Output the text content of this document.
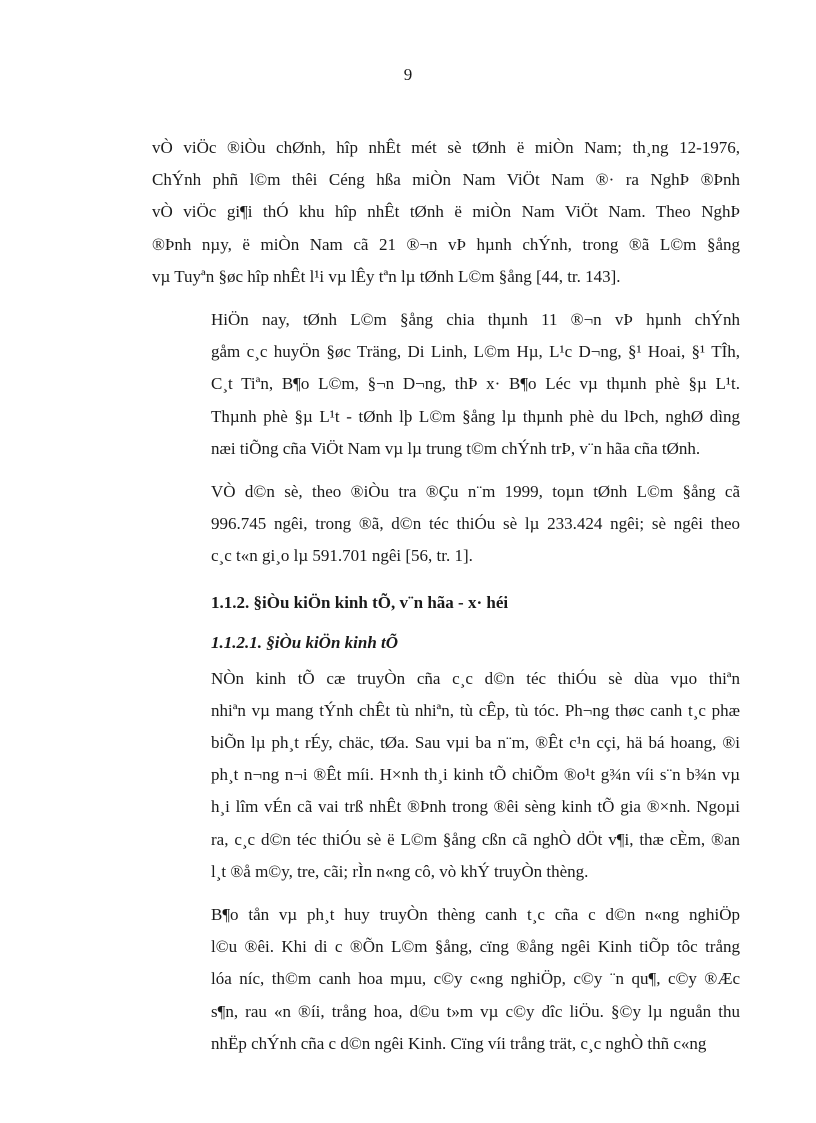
9

vÒ viÖc ®iÒu chØnh, hîp nhÊt mét sè tØnh ë miÒn Nam; th¸ng 12-1976,
ChÝnh phñ l©m thêi Céng hßa miÒn Nam ViÖt Nam ®· ra NghÞ ®Þnh
vÒ viÖc gi¶i thÓ khu hîp nhÊt tØnh ë miÒn Nam ViÖt Nam. Theo NghÞ
®Þnh nµy, ë miÒn Nam cã 21 ®¬n vÞ hµnh chÝnh, trong ®ã L©m §ång
vµ Tuyªn §øc hîp nhÊt l¹i vµ lÊy tªn lµ tØnh L©m §ång [44, tr. 143].

HiÖn nay, tØnh L©m §ång chia thµnh 11 ®¬n vÞ hµnh chÝnh
gåm c¸c huyÖn §øc Träng, Di Linh, L©m Hµ, L¹c D¬ng, §¹ Hoai, §¹ TÎh,
C¸t Tiªn, B¶o L©m, §¬n D¬ng, thÞ x· B¶o Léc vµ thµnh phè §µ L¹t.
Thµnh phè §µ L¹t - tØnh lþ L©m §ång lµ thµnh phè du lÞch, nghØ dìng
næi tiÕng cña ViÖt Nam vµ lµ trung t©m chÝnh trÞ, v¨n hãa cña tØnh.

VÒ d©n sè, theo ®iÒu tra ®Çu n¨m 1999, toµn tØnh L©m §ång cã
996.745 ngêi, trong ®ã, d©n téc thiÓu sè lµ 233.424 ngêi; sè ngêi theo
c¸c t«n gi¸o lµ 591.701 ngêi [56, tr. 1].

1.1.2. §iÒu kiÖn kinh tÕ, v¨n hãa - x· héi
1.1.2.1. §iÒu kiÖn kinh tÕ

NÒn kinh tÕ cæ truyÒn cña c¸c d©n téc thiÓu sè dùa vµo thiªn
nhiªn vµ mang tÝnh chÊt tù nhiªn, tù cÊp, tù tóc. Ph¬ng thøc canh t¸c phæ
biÕn lµ ph¸t rÉy, chäc, tØa. Sau vµi ba n¨m, ®Êt c¹n cçi, hä bá hoang, ®i
ph¸t n¬ng n¬i ®Êt míi. H×nh th¸i kinh tÕ chiÕm ®o¹t g¾n víi s¨n b¾n vµ
h¸i lîm vÉn cã vai trß nhÊt ®Þnh trong ®êi sèng kinh tÕ gia ®×nh. Ngoµi
ra, c¸c d©n téc thiÓu sè ë L©m §ång cßn cã nghÒ dÖt v¶i, thæ cÈm, ®an
l¸t ®å m©y, tre, cãi; rÌn n«ng cô, vò khÝ truyÒn thèng.

B¶o tån vµ ph¸t huy truyÒn thèng canh t¸c cña c d©n n«ng nghiÖp
l©u ®êi. Khi di c ®Õn L©m §ång, cïng ®ång ngêi Kinh tiÕp tôc trång
lóa níc, th©m canh hoa mµu, c©y c«ng nghiÖp, c©y ¨n qu¶, c©y ®Æc
s¶n, rau «n ®íi, trång hoa, d©u t»m vµ c©y dîc liÖu. §©y lµ nguån thu
nhËp chÝnh cña c d©n ngêi Kinh. Cïng víi trång trät, c¸c nghÒ thñ c«ng
